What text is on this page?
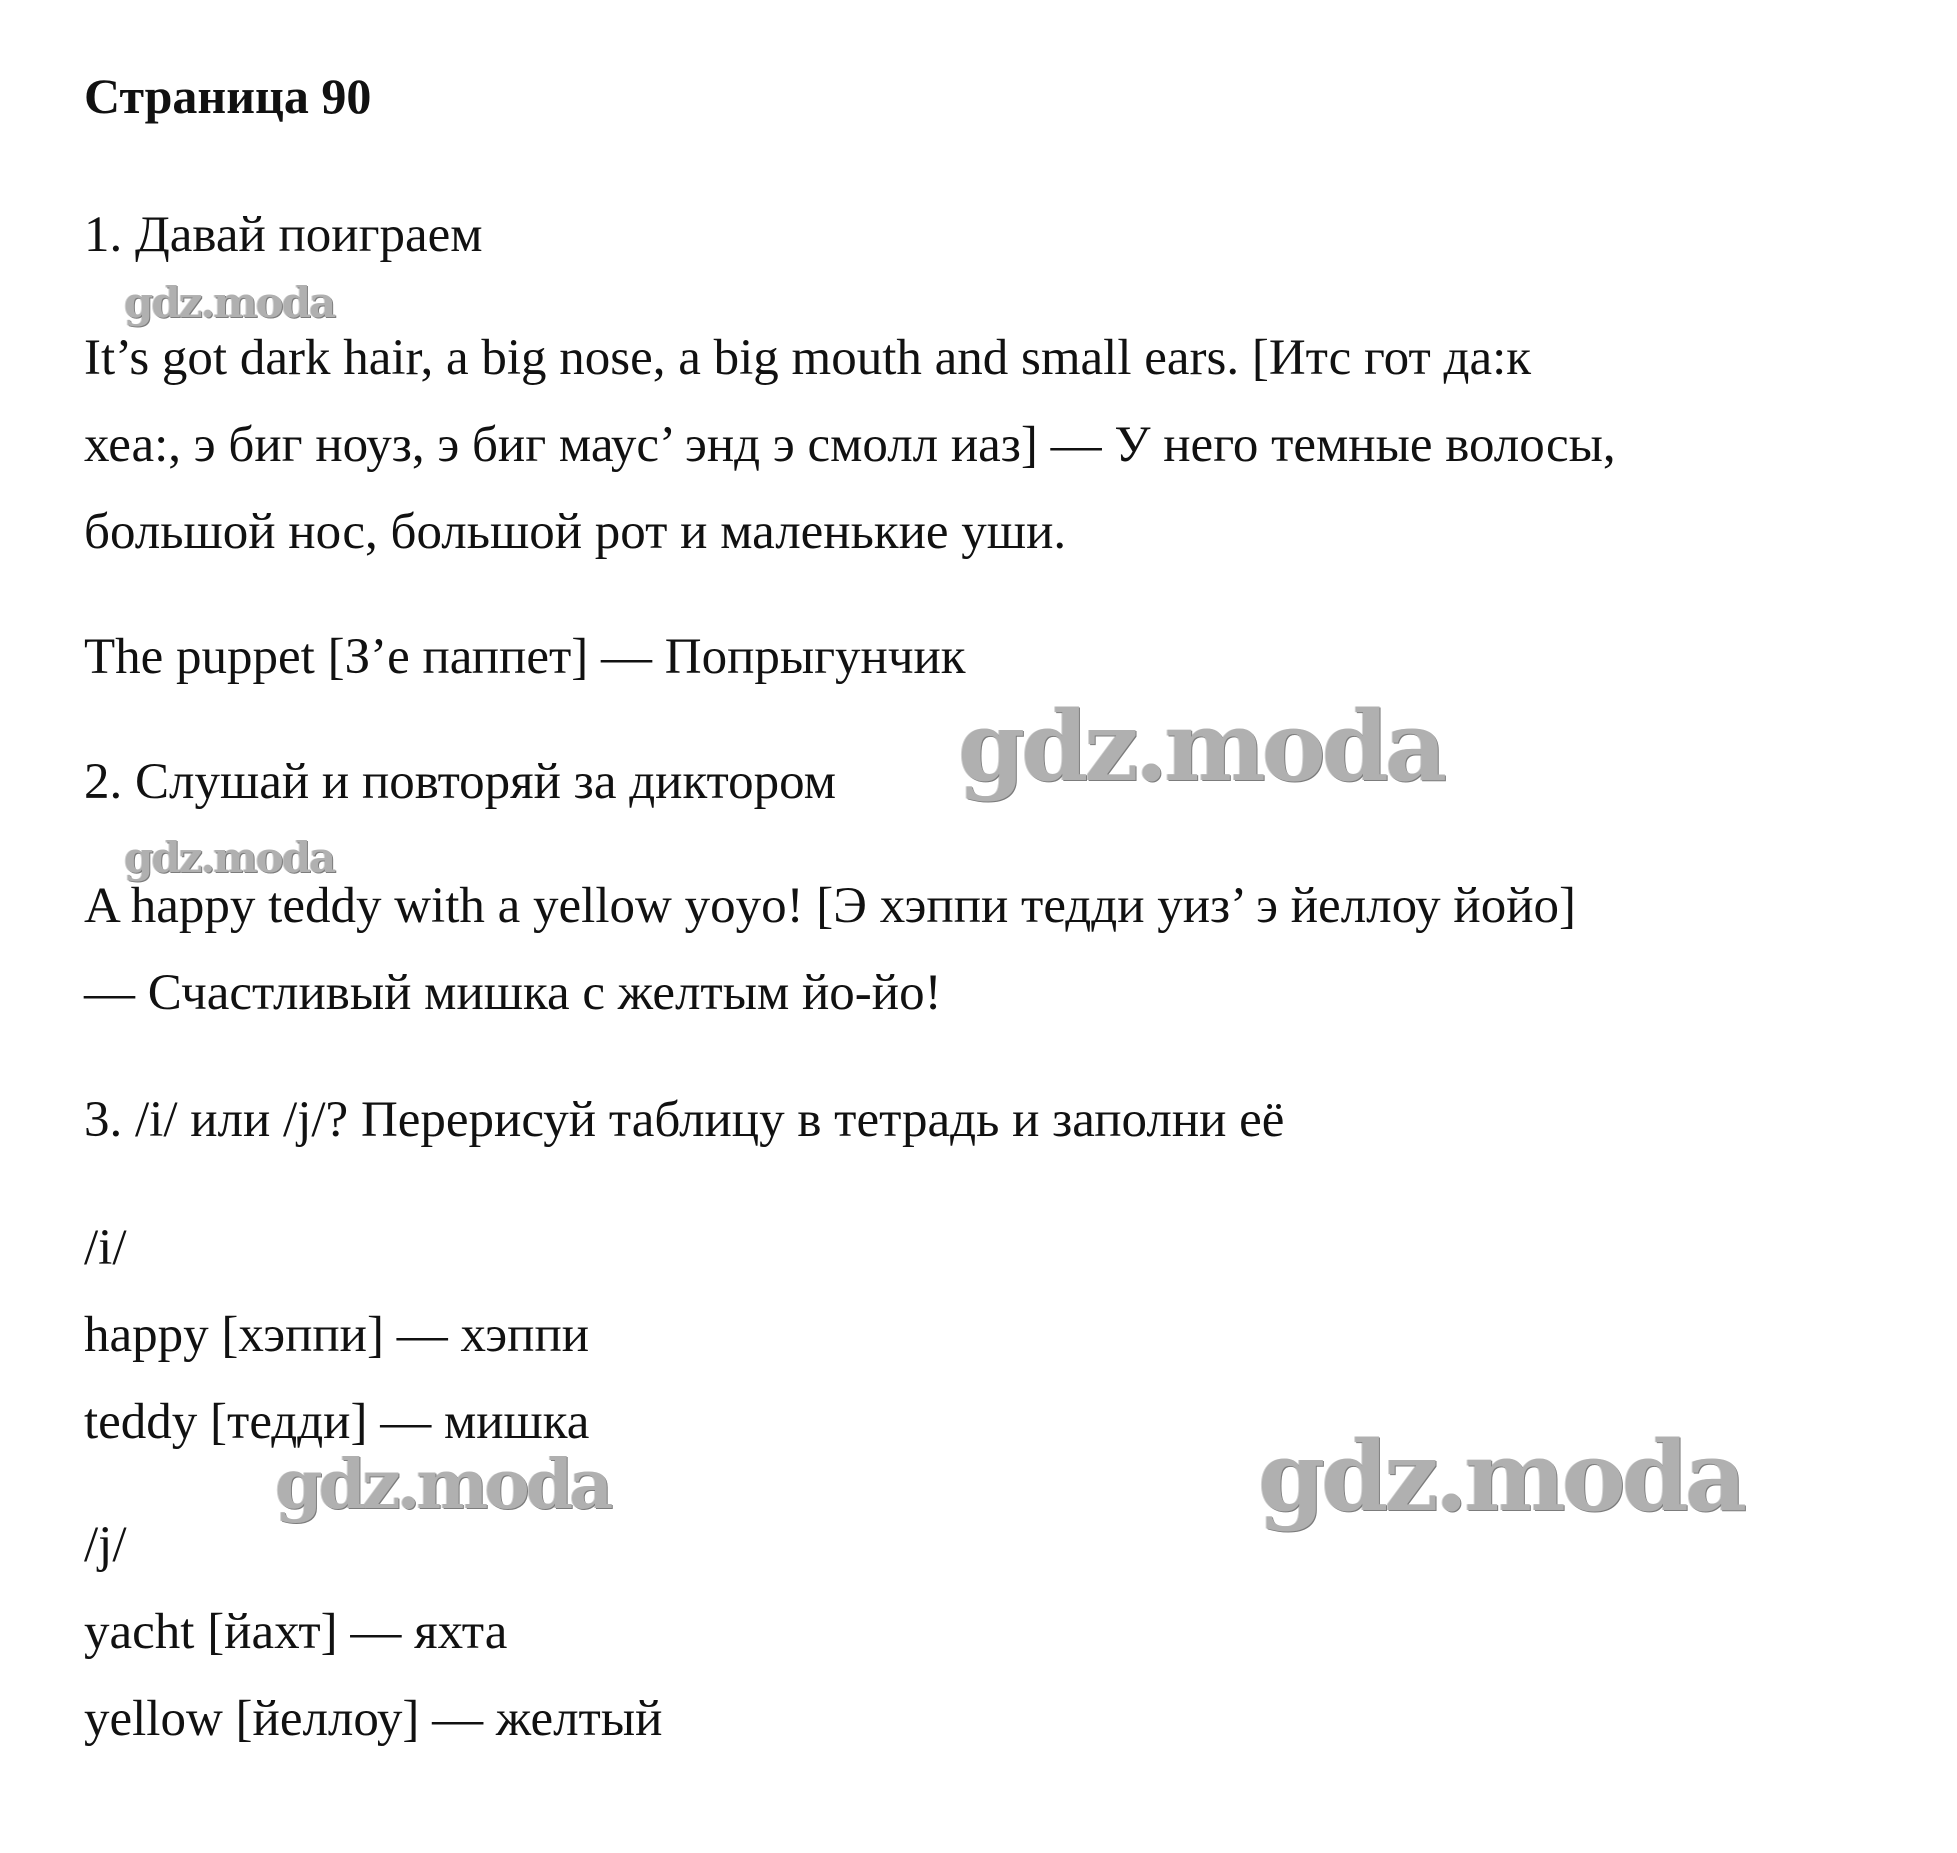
Страница 90

1. Давай поиграем

It’s got dark hair, a big nose, a big mouth and small ears. [Итс гот да:к

хеа:, э биг ноуз, э биг маус’ энд э смолл иаз] — У него темные волосы,

большой нос, большой рот и маленькие уши.

The puppet [З’е паппет] — Попрыгунчик

2. Слушай и повторяй за диктором

A happy teddy with a yellow yoyo! [Э хэппи тедди уиз’ э йеллоу йойо]

— Счастливый мишка с желтым йо-йо!

3. /i/ или /j/? Перерисуй таблицу в тетрадь и заполни её

/i/

happy [хэппи] — хэппи

teddy [тедди] — мишка

/j/

yacht [йахт] — яхта

yellow [йеллоу] — желтый

gdz.moda
gdz.moda
gdz.moda
gdz.moda
gdz.moda
